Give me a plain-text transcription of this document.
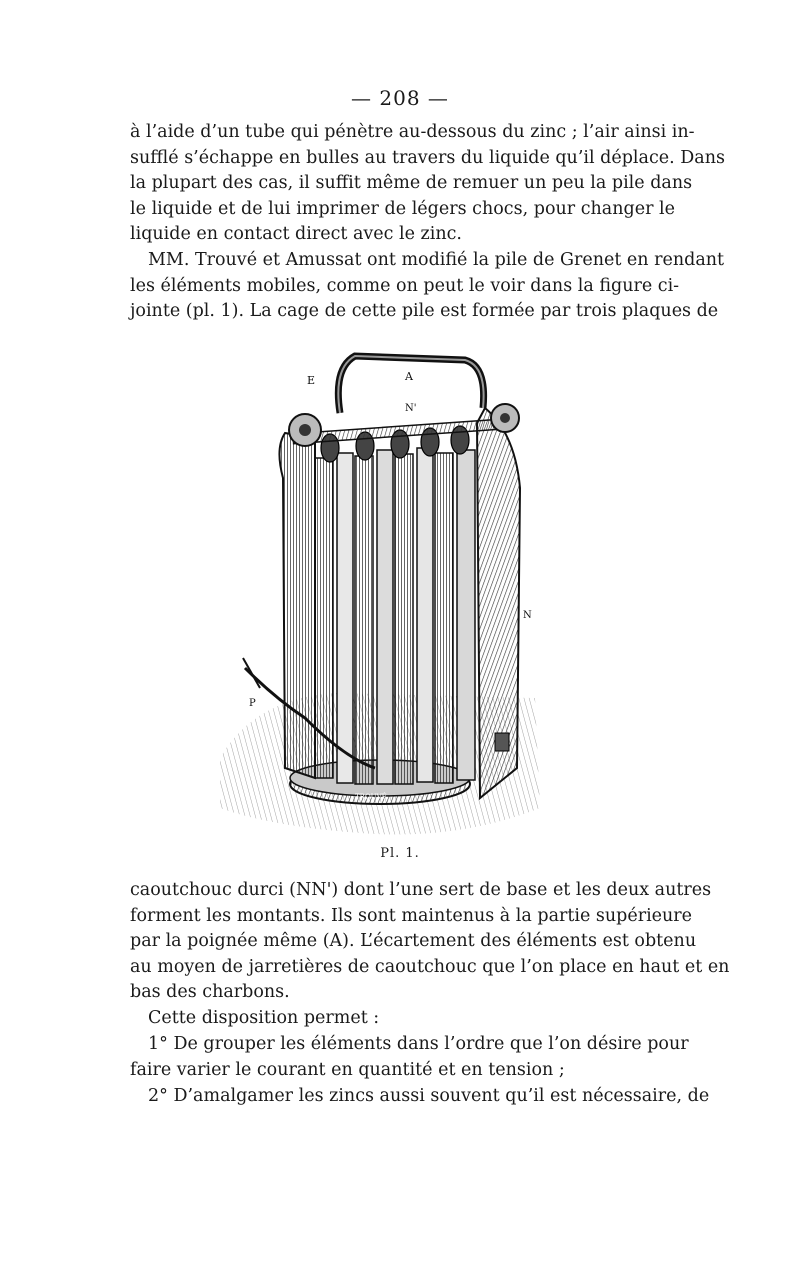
— 208 —

à l’aide d’un tube qui pénètre au-dessous du zinc ; l’air ainsi in-
sufflé s’échappe en bulles au travers du liquide qu’il déplace. Dans
la plupart des cas, il suffit même de remuer un peu la pile dans
le liquide et de lui imprimer de légers chocs, pour changer le
liquide en contact direct avec le zinc.

MM. Trouvé et Amussat ont modifié la pile de Grenet en rendant
les éléments mobiles, comme on peut le voir dans la figure ci-
jointe (pl. 1). La cage de cette pile est formée par trois plaques de

A
E
N'
N
P
TROUVÉ
Pl. 1.

caoutchouc durci (NN') dont l’une sert de base et les deux autres
forment les montants. Ils sont maintenus à la partie supérieure
par la poignée même (A). L’écartement des éléments est obtenu
au moyen de jarretières de caoutchouc que l’on place en haut et en
bas des charbons.

Cette disposition permet :

1° De grouper les éléments dans l’ordre que l’on désire pour
faire varier le courant en quantité et en tension ;

2° D’amalgamer les zincs aussi souvent qu’il est nécessaire, de
